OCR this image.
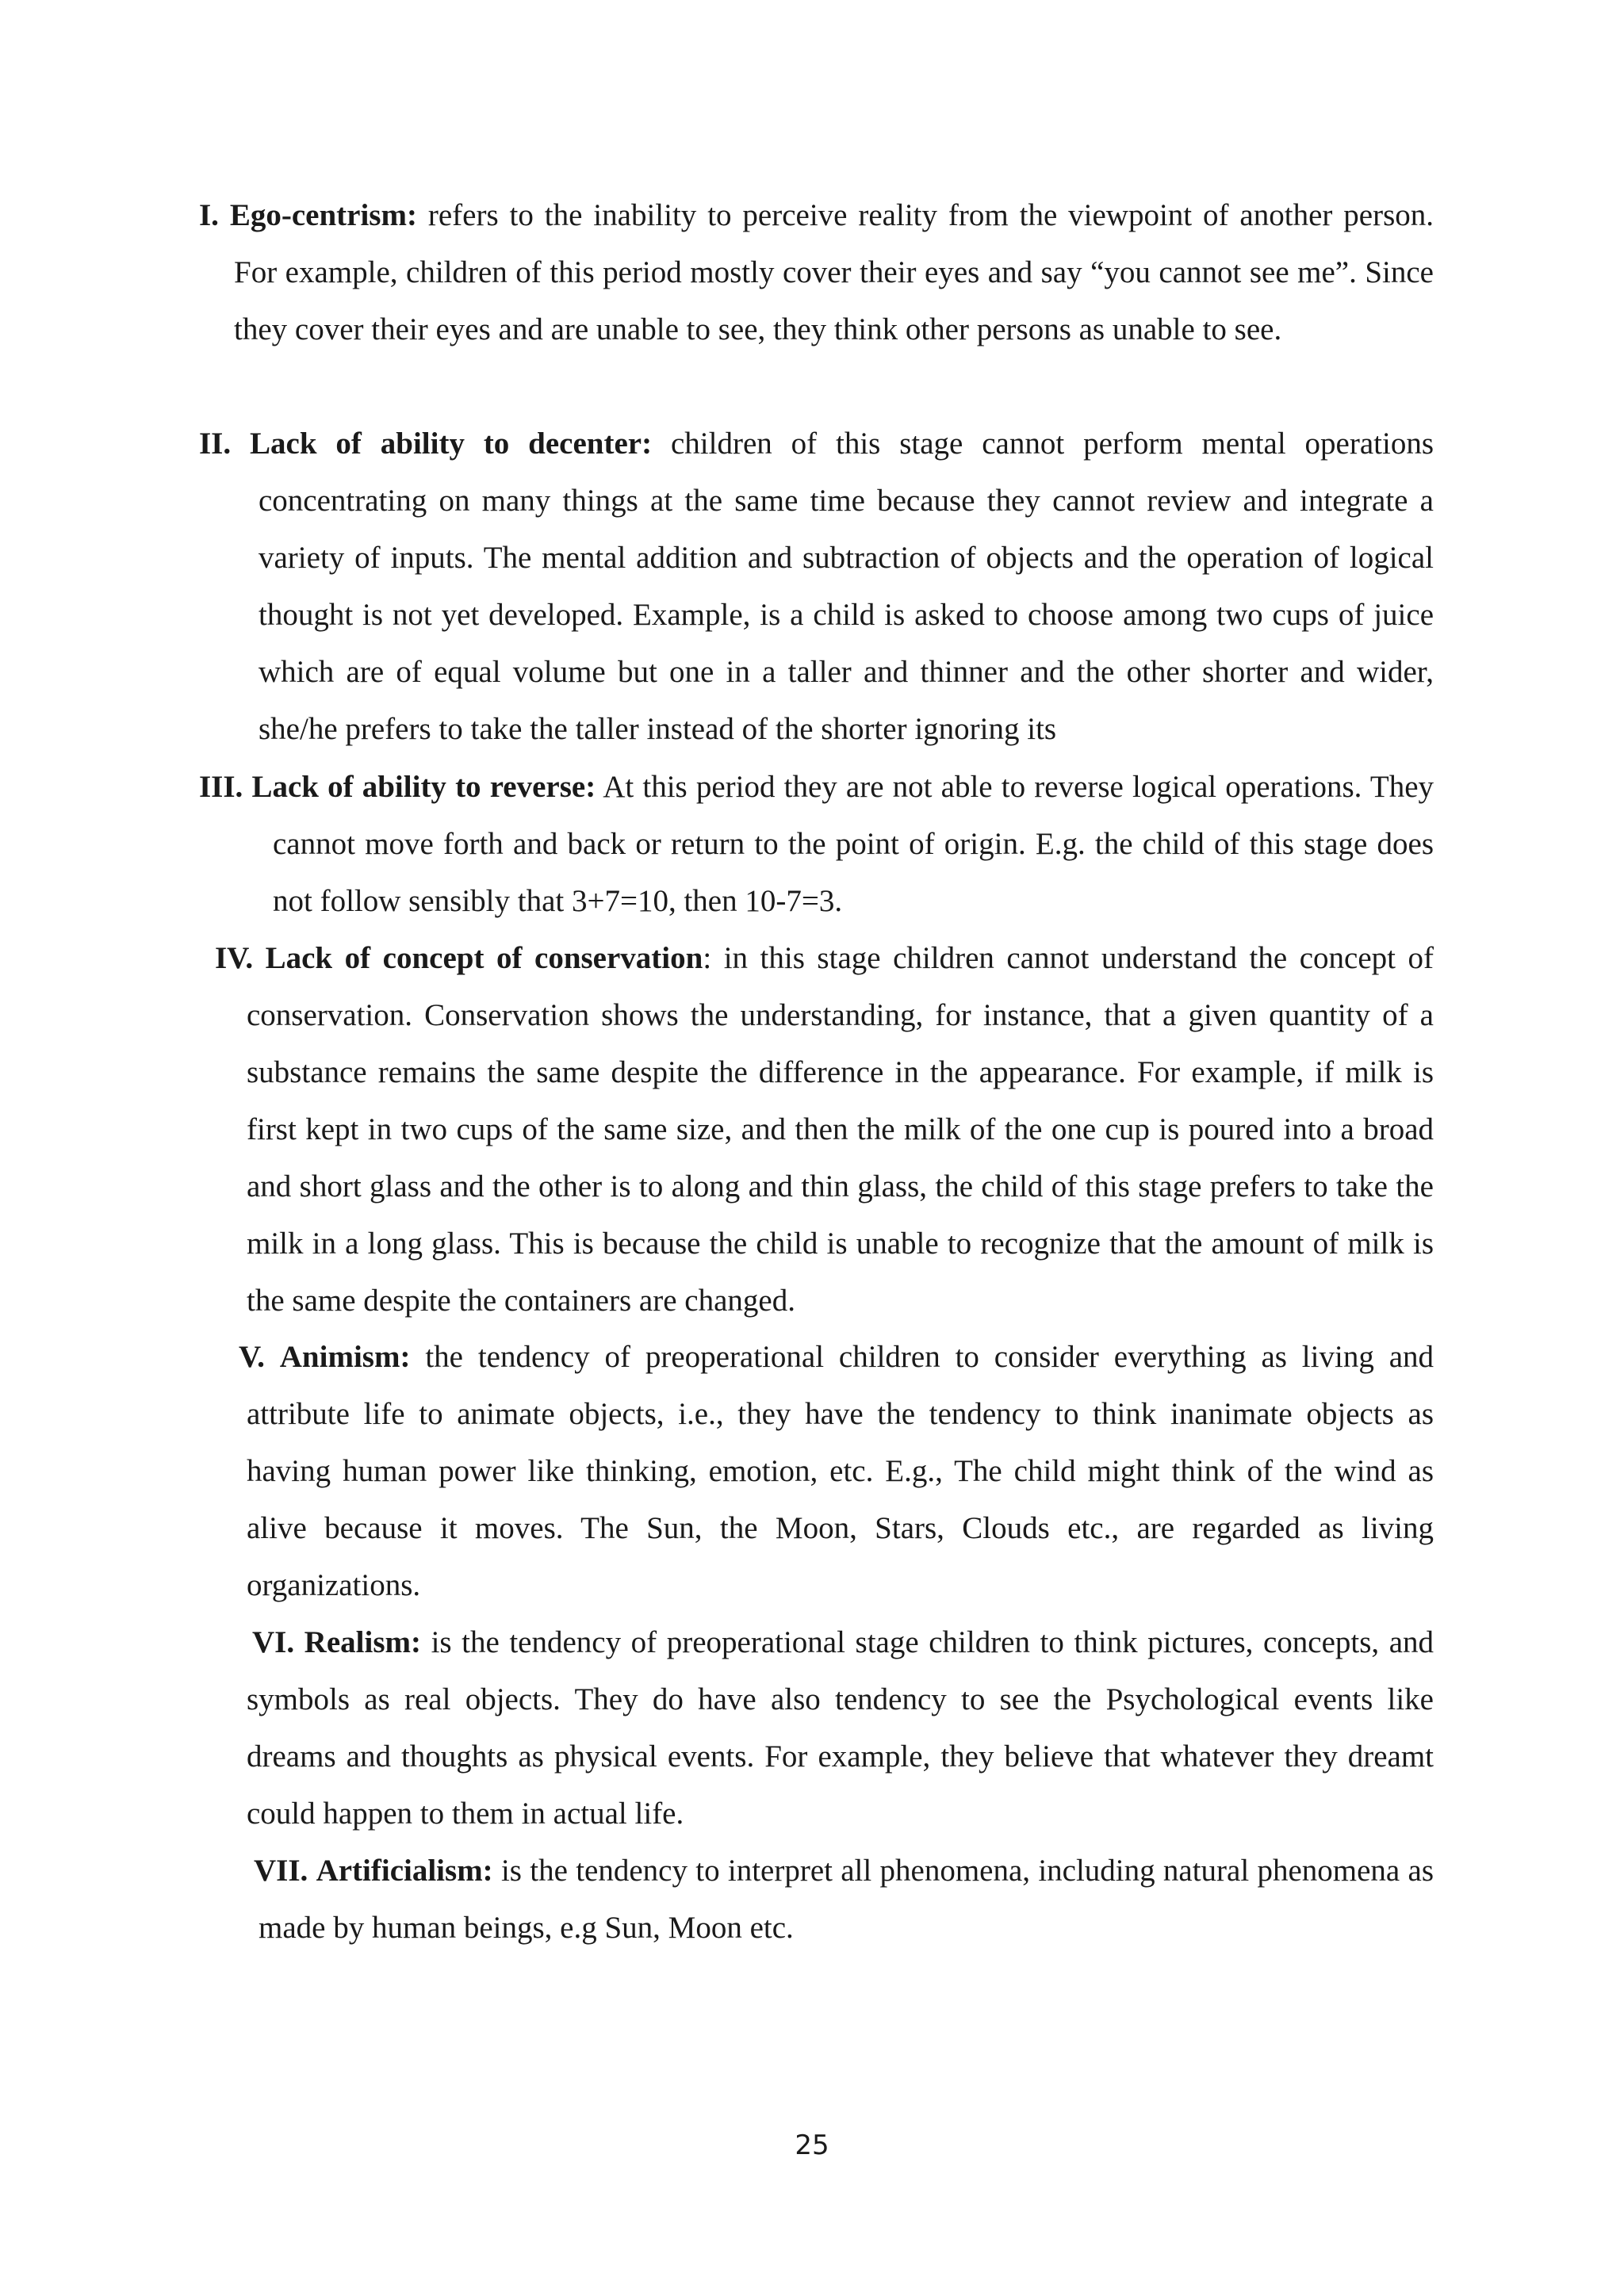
I. Ego-centrism: refers to the inability to perceive reality from the viewpoint of another person. For example, children of this period mostly cover their eyes and say “you cannot see me”. Since they cover their eyes and are unable to see, they think other persons as unable to see.

II. Lack of ability to decenter: children of this stage cannot perform mental operations concentrating on many things at the same time because they cannot review and integrate a variety of inputs. The mental addition and subtraction of objects and the operation of logical thought is not yet developed. Example, is a child is asked to choose among two cups of juice which are of equal volume but one in a taller and thinner and the other shorter and wider, she/he prefers to take the taller instead of the shorter ignoring its

III. Lack of ability to reverse: At this period they are not able to reverse logical operations. They cannot move forth and back or return to the point of origin. E.g. the child of this stage does not follow sensibly that 3+7=10, then 10-7=3.

IV. Lack of concept of conservation: in this stage children cannot understand the concept of conservation. Conservation shows the understanding, for instance, that a given quantity of a substance remains the same despite the difference in the appearance. For example, if milk is first kept in two cups of the same size, and then the milk of the one cup is poured into a broad and short glass and the other is to along and thin glass, the child of this stage prefers to take the milk in a long glass. This is because the child is unable to recognize that the amount of milk is the same despite the containers are changed.

V. Animism: the tendency of preoperational children to consider everything as living and attribute life to animate objects, i.e., they have the tendency to think inanimate objects as having human power like thinking, emotion, etc. E.g., The child might think of the wind as alive because it moves. The Sun, the Moon, Stars, Clouds etc., are regarded as living organizations.

VI. Realism: is the tendency of preoperational stage children to think pictures, concepts, and symbols as real objects. They do have also tendency to see the Psychological events like dreams and thoughts as physical events. For example, they believe that whatever they dreamt could happen to them in actual life.

VII. Artificialism: is the tendency to interpret all phenomena, including natural phenomena as made by human beings, e.g Sun, Moon etc.

25
